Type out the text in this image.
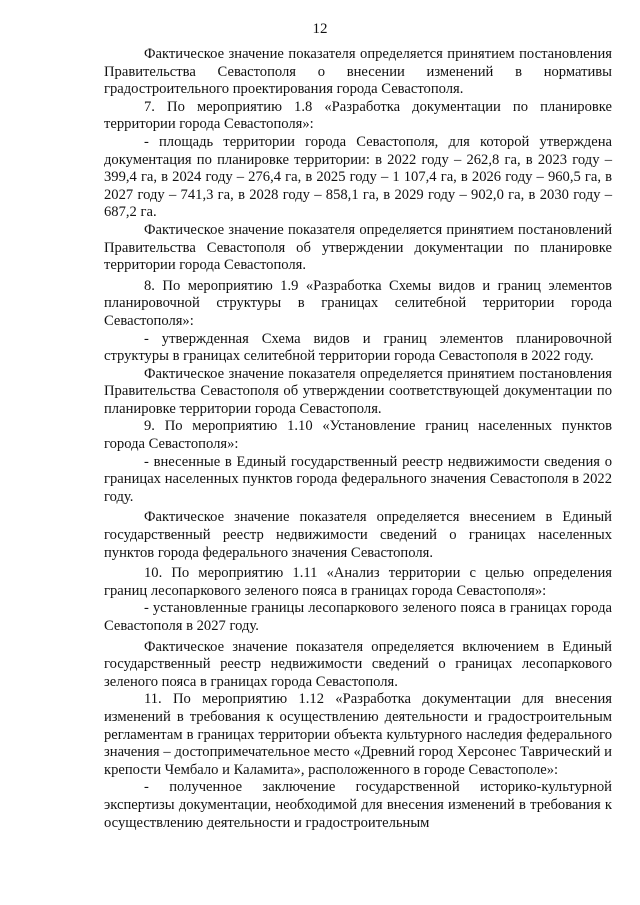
12

Фактическое значение показателя определяется принятием постановления Правительства Севастополя о внесении изменений в нормативы градостроительного проектирования города Севастополя.

7. По мероприятию 1.8 «Разработка документации по планировке территории города Севастополя»:

- площадь территории города Севастополя, для которой утверждена документация по планировке территории: в 2022 году – 262,8 га, в 2023 году – 399,4 га, в 2024 году – 276,4 га, в 2025 году – 1 107,4 га, в 2026 году – 960,5 га, в 2027 году – 741,3 га, в 2028 году – 858,1 га, в 2029 году – 902,0 га, в 2030 году – 687,2 га.

Фактическое значение показателя определяется принятием постановлений Правительства Севастополя об утверждении документации по планировке территории города Севастополя.

8. По мероприятию 1.9 «Разработка Схемы видов и границ элементов планировочной структуры в границах селитебной территории города Севастополя»:

- утвержденная Схема видов и границ элементов планировочной структуры в границах селитебной территории города Севастополя в 2022 году.

Фактическое значение показателя определяется принятием постановления Правительства Севастополя об утверждении соответствующей документации по планировке территории города Севастополя.

9. По мероприятию 1.10 «Установление границ населенных пунктов города Севастополя»:

- внесенные в Единый государственный реестр недвижимости сведения о границах населенных пунктов города федерального значения Севастополя в 2022 году.

Фактическое значение показателя определяется внесением в Единый государственный реестр недвижимости сведений о границах населенных пунктов города федерального значения Севастополя.

10. По мероприятию 1.11 «Анализ территории с целью определения границ лесопаркового зеленого пояса в границах города Севастополя»:

- установленные границы лесопаркового зеленого пояса в границах города Севастополя в 2027 году.

Фактическое значение показателя определяется включением в Единый государственный реестр недвижимости сведений о границах лесопаркового зеленого пояса в границах города Севастополя.

11. По мероприятию 1.12 «Разработка документации для внесения изменений в требования к осуществлению деятельности и градостроительным регламентам в границах территории объекта культурного наследия федерального значения – достопримечательное место «Древний город Херсонес Таврический и крепости Чембало и Каламита», расположенного в городе Севастополе»:

- полученное заключение государственной историко-культурной экспертизы документации, необходимой для внесения изменений в требования к осуществлению деятельности и градостроительным
